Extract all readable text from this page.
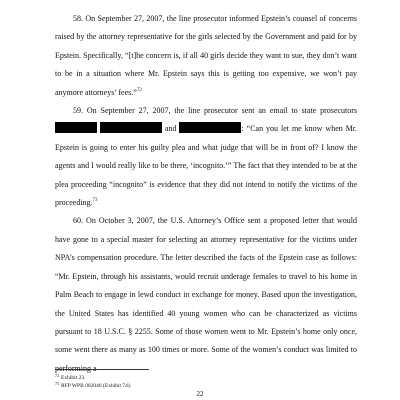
58. On September 27, 2007, the line prosecutor informed Epstein’s counsel of concerns raised by the attorney representative for the girls selected by the Government and paid for by Epstein. Specifically, “[t]he concern is, if all 40 girls decide they want to sue, they don’t want to be in a situation where Mr. Epstein says this is getting too expensive, we won’t pay anymore attorneys’ fees.”$^{72}$

59. On September 27, 2007, the line prosecutor sent an email to state prosecutors   and	: “Can you let me know when Mr. Epstein is going to enter his guilty plea and what judge that will be in front of? I know the agents and I would really like to be there, ‘incognito.’” The fact that they intended to be at the plea proceeding “incognito” is evidence that they did not intend to notify the victims of the proceeding.$^{73}$

60. On October 3, 2007, the U.S. Attorney’s Office sent a proposed letter that would have gone to a special master for selecting an attorney representative for the victims under NPA’s compensation procedure. The letter described the facts of the Epstein case as follows: “Mr. Epstein, through his assistants, would recruit underage females to travel to his home in Palm Beach to engage in lewd conduct in exchange for money. Based upon the investigation, the United States has identified 40 young women who can be characterized as victims pursuant to 18 U.S.C. § 2255. Some of those women went to Mr. Epstein’s home only once, some went there as many as 100 times or more. Some of the women’s conduct was limited to performing a

$^{72}$ Exhibit 23.

$^{73}$ RFP WPB 002046 (Exhibit 74).

22
